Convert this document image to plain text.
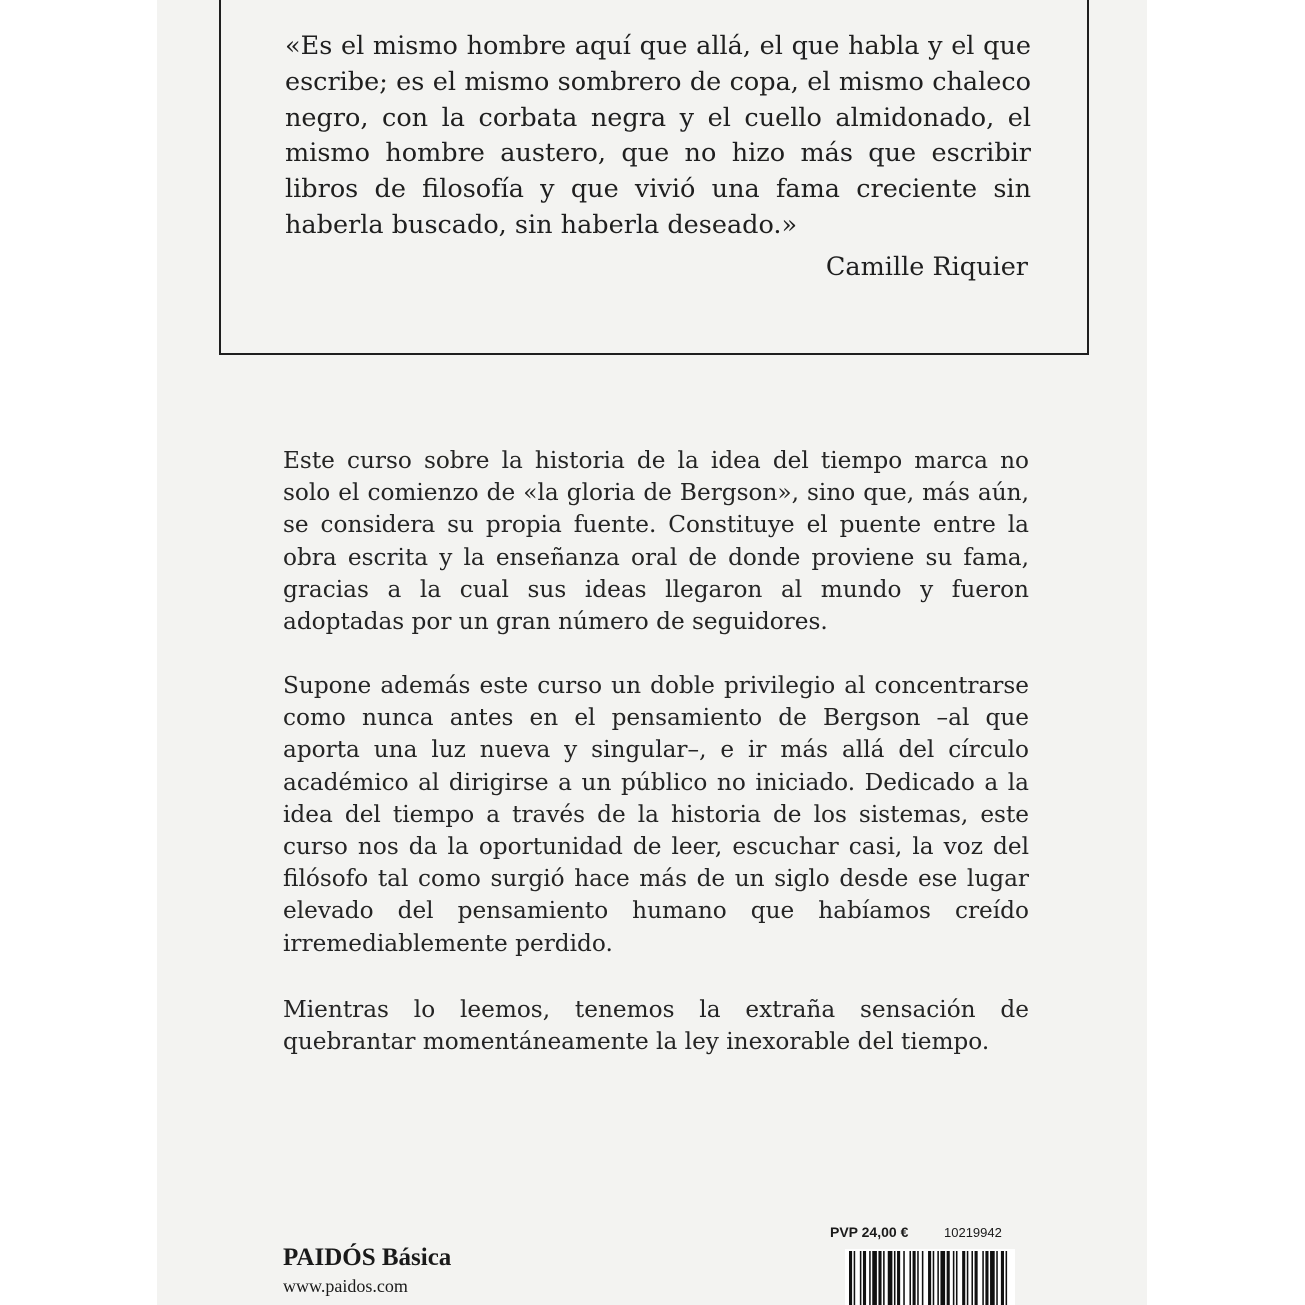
«Es el mismo hombre aquí que allá, el que habla y el que escribe; es el mismo sombrero de copa, el mismo chaleco negro, con la corbata negra y el cuello almidonado, el mismo hombre austero, que no hizo más que escribir libros de filosofía y que vivió una fama creciente sin haberla buscado, sin haberla deseado.»
Camille Riquier
Este curso sobre la historia de la idea del tiempo marca no solo el comienzo de «la gloria de Bergson», sino que, más aún, se considera su propia fuente. Constituye el puente entre la obra escrita y la enseñanza oral de donde proviene su fama, gracias a la cual sus ideas llegaron al mundo y fueron adoptadas por un gran número de seguidores.
Supone además este curso un doble privilegio al concentrarse como nunca antes en el pensamiento de Bergson –al que aporta una luz nueva y singular–, e ir más allá del círculo académico al dirigirse a un público no iniciado. Dedicado a la idea del tiempo a través de la historia de los sistemas, este curso nos da la oportunidad de leer, escuchar casi, la voz del filósofo tal como surgió hace más de un siglo desde ese lugar elevado del pensamiento humano que habíamos creído irremediablemente perdido.
Mientras lo leemos, tenemos la extraña sensación de quebrantar momentáneamente la ley inexorable del tiempo.
PAIDÓS Básica
www.paidos.com
PVP 24,00 €	10219942
